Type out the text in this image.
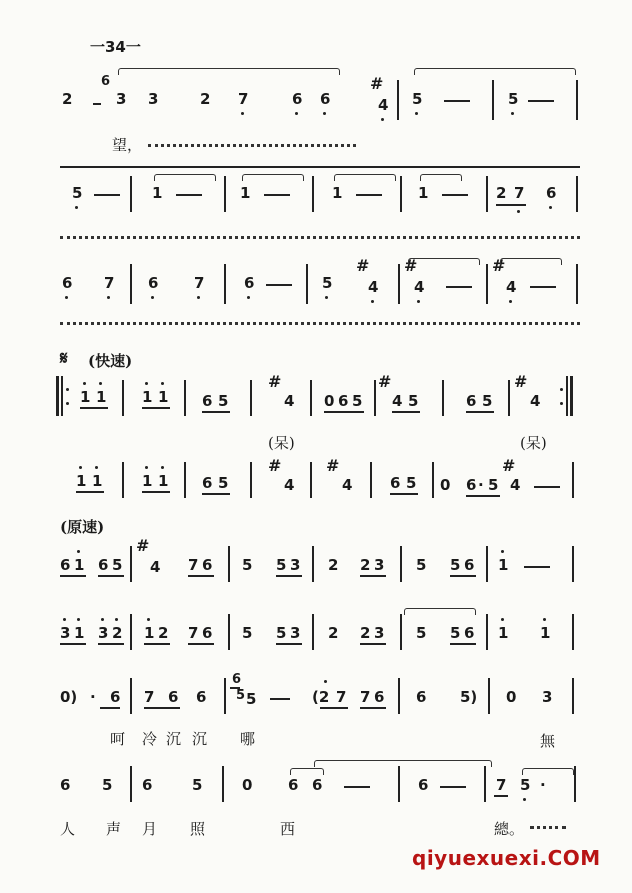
一34一
2
6
3 3	2 7	6 6
#
4 5	5
望，
5	1	1	1	1	2 7 6
6 7 6 7	6	5
#
4
#
4
#
4
𝄋 (快速)
1 1 1 1 6 5
#
4 0 6 5
#
4 5	6 5
#
4
(呆)	(呆)
1 1	1 1 6 5
#
4
#
4	6 5 0 6 · 5
#
4
(原速)
6 1 6 5
#
4 7 6 5 5 3 2 2 3 5 5 6 1
3 1 3 2 1 2 7 6 5 5 3 2 2 3 5 5 6 1 1
0) · 6 7 6 6
6
5 5	(2 7 7 6 6 5) 0 3
呵 冷 沉 沉 哪	無
6 5 6	5	0 6 6	6	7 5 ·
人 声 月 照	西	總。
qiyuexuexi.COM
